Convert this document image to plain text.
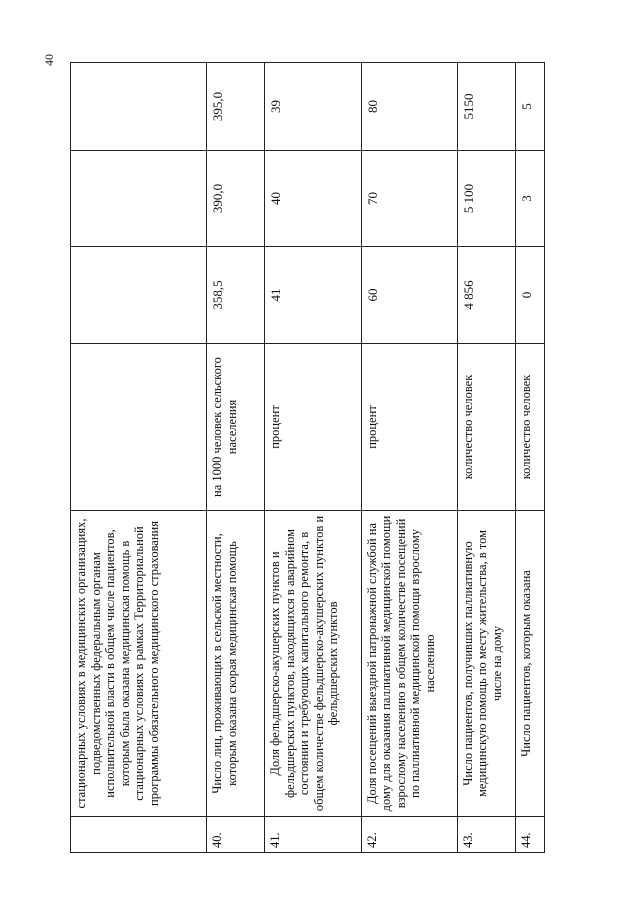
40
	стационарных условиях в медицинских организациях, подведомственных федеральным органам исполнительной власти в общем числе пациентов, которым была оказана медицинская помощь в стационарных условиях в рамках Территориальной программы обязательного медицинского страхования				
40.	Число лиц, проживающих в сельской местности, которым оказана скорая медицинская помощь	на 1000 человек сельского населения	358,5	390,0	395,0
41.	Доля фельдшерско-акушерских пунктов и фельдшерских пунктов, находящихся в аварийном состоянии и требующих капитального ремонта, в общем количестве фельдшерско-акушерских пунктов и фельдшерских пунктов	процент	41	40	39
42.	Доля посещений выездной патронажной службой на дому для оказания паллиативной медицинской помощи взрослому населению в общем количестве посещений по паллиативной медицинской помощи взрослому населению	процент	60	70	80
43.	Число пациентов, получивших паллиативную медицинскую помощь по месту жительства, в том числе на дому	количество человек	4 856	5 100	5150
44.	Число пациентов, которым оказана	количество человек	0	3	5
